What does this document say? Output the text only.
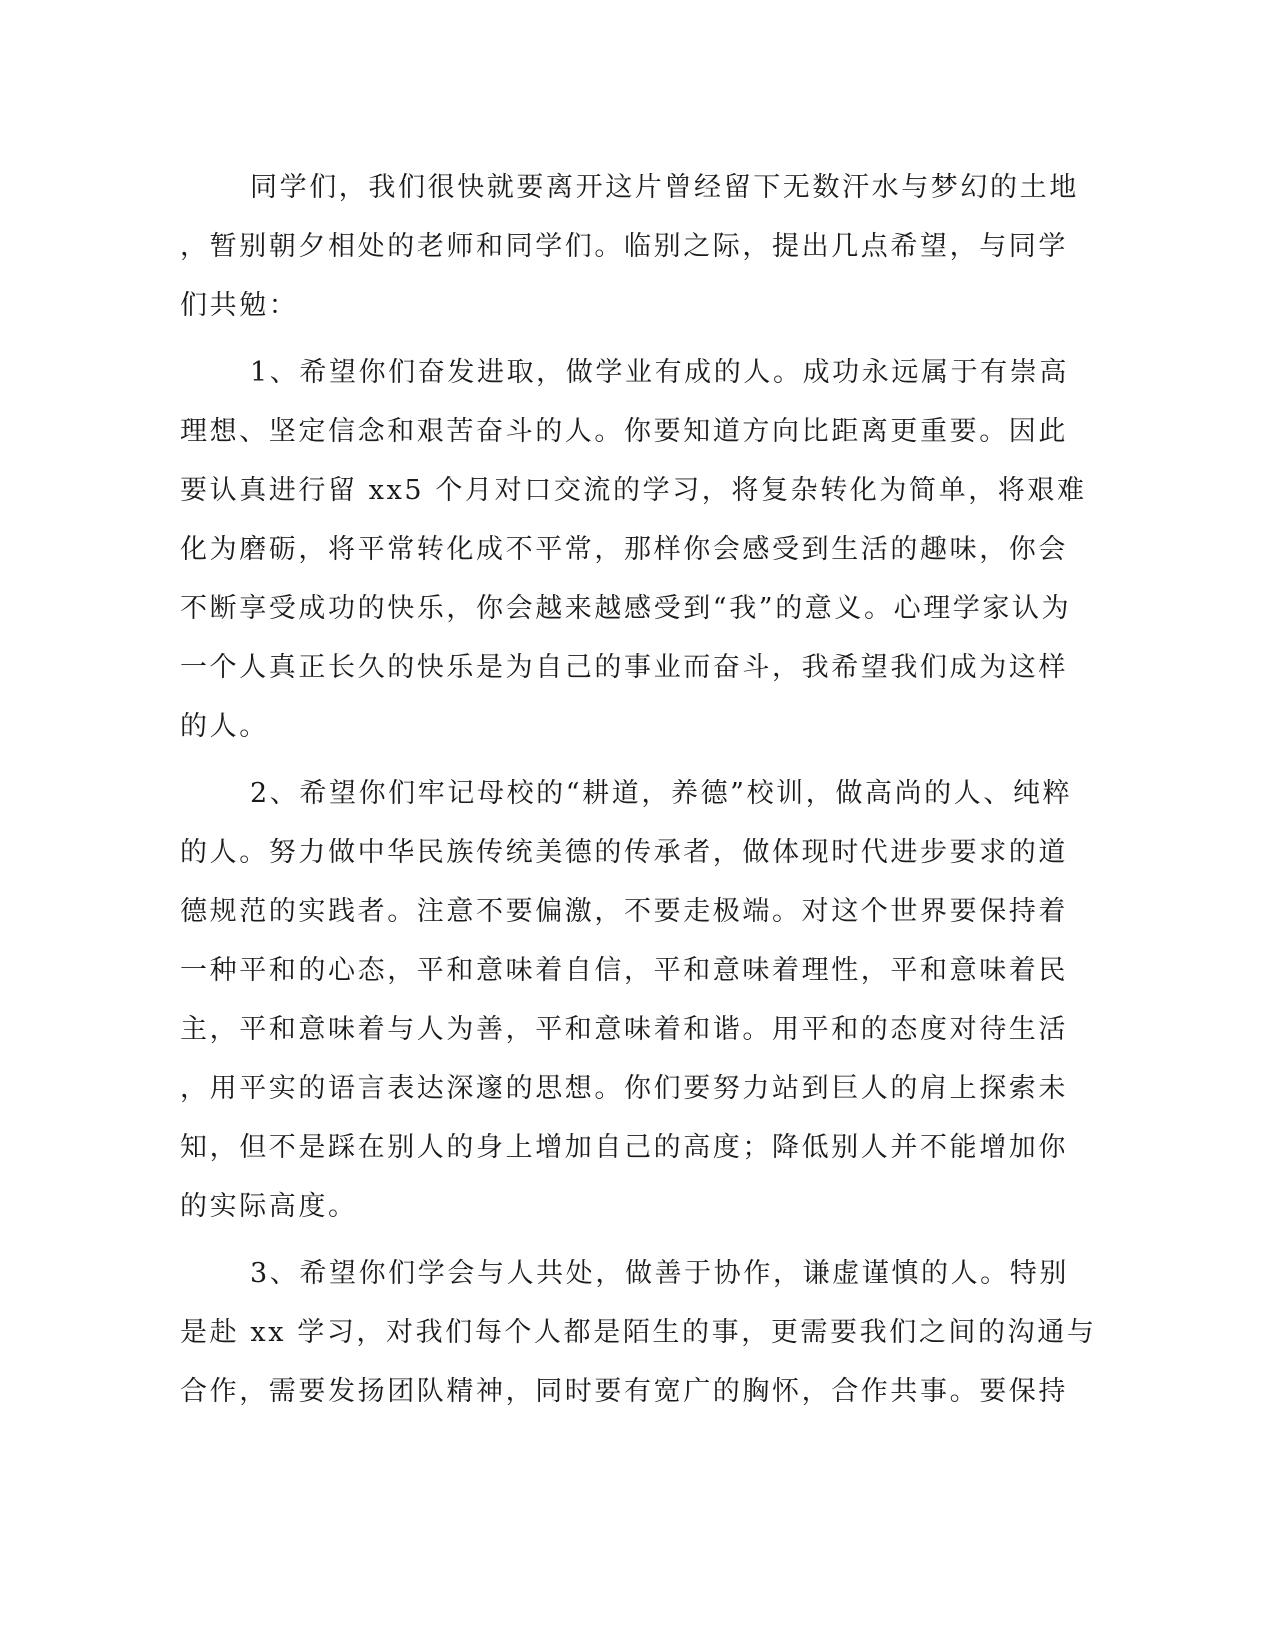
同学们，我们很快就要离开这片曾经留下无数汗水与梦幻的土地
，暂别朝夕相处的老师和同学们。临别之际，提出几点希望，与同学
们共勉：
1、希望你们奋发进取，做学业有成的人。成功永远属于有崇高
理想、坚定信念和艰苦奋斗的人。你要知道方向比距离更重要。因此
要认真进行留 xx5 个月对口交流的学习，将复杂转化为简单，将艰难
化为磨砺，将平常转化成不平常，那样你会感受到生活的趣味，你会
不断享受成功的快乐，你会越来越感受到“我”的意义。心理学家认为
一个人真正长久的快乐是为自己的事业而奋斗，我希望我们成为这样
的人。
2、希望你们牢记母校的“耕道，养德”校训，做高尚的人、纯粹
的人。努力做中华民族传统美德的传承者，做体现时代进步要求的道
德规范的实践者。注意不要偏激，不要走极端。对这个世界要保持着
一种平和的心态，平和意味着自信，平和意味着理性，平和意味着民
主，平和意味着与人为善，平和意味着和谐。用平和的态度对待生活
，用平实的语言表达深邃的思想。你们要努力站到巨人的肩上探索未
知，但不是踩在别人的身上增加自己的高度；降低别人并不能增加你
的实际高度。
3、希望你们学会与人共处，做善于协作，谦虚谨慎的人。特别
是赴 xx 学习，对我们每个人都是陌生的事，更需要我们之间的沟通与
合作，需要发扬团队精神，同时要有宽广的胸怀，合作共事。要保持
